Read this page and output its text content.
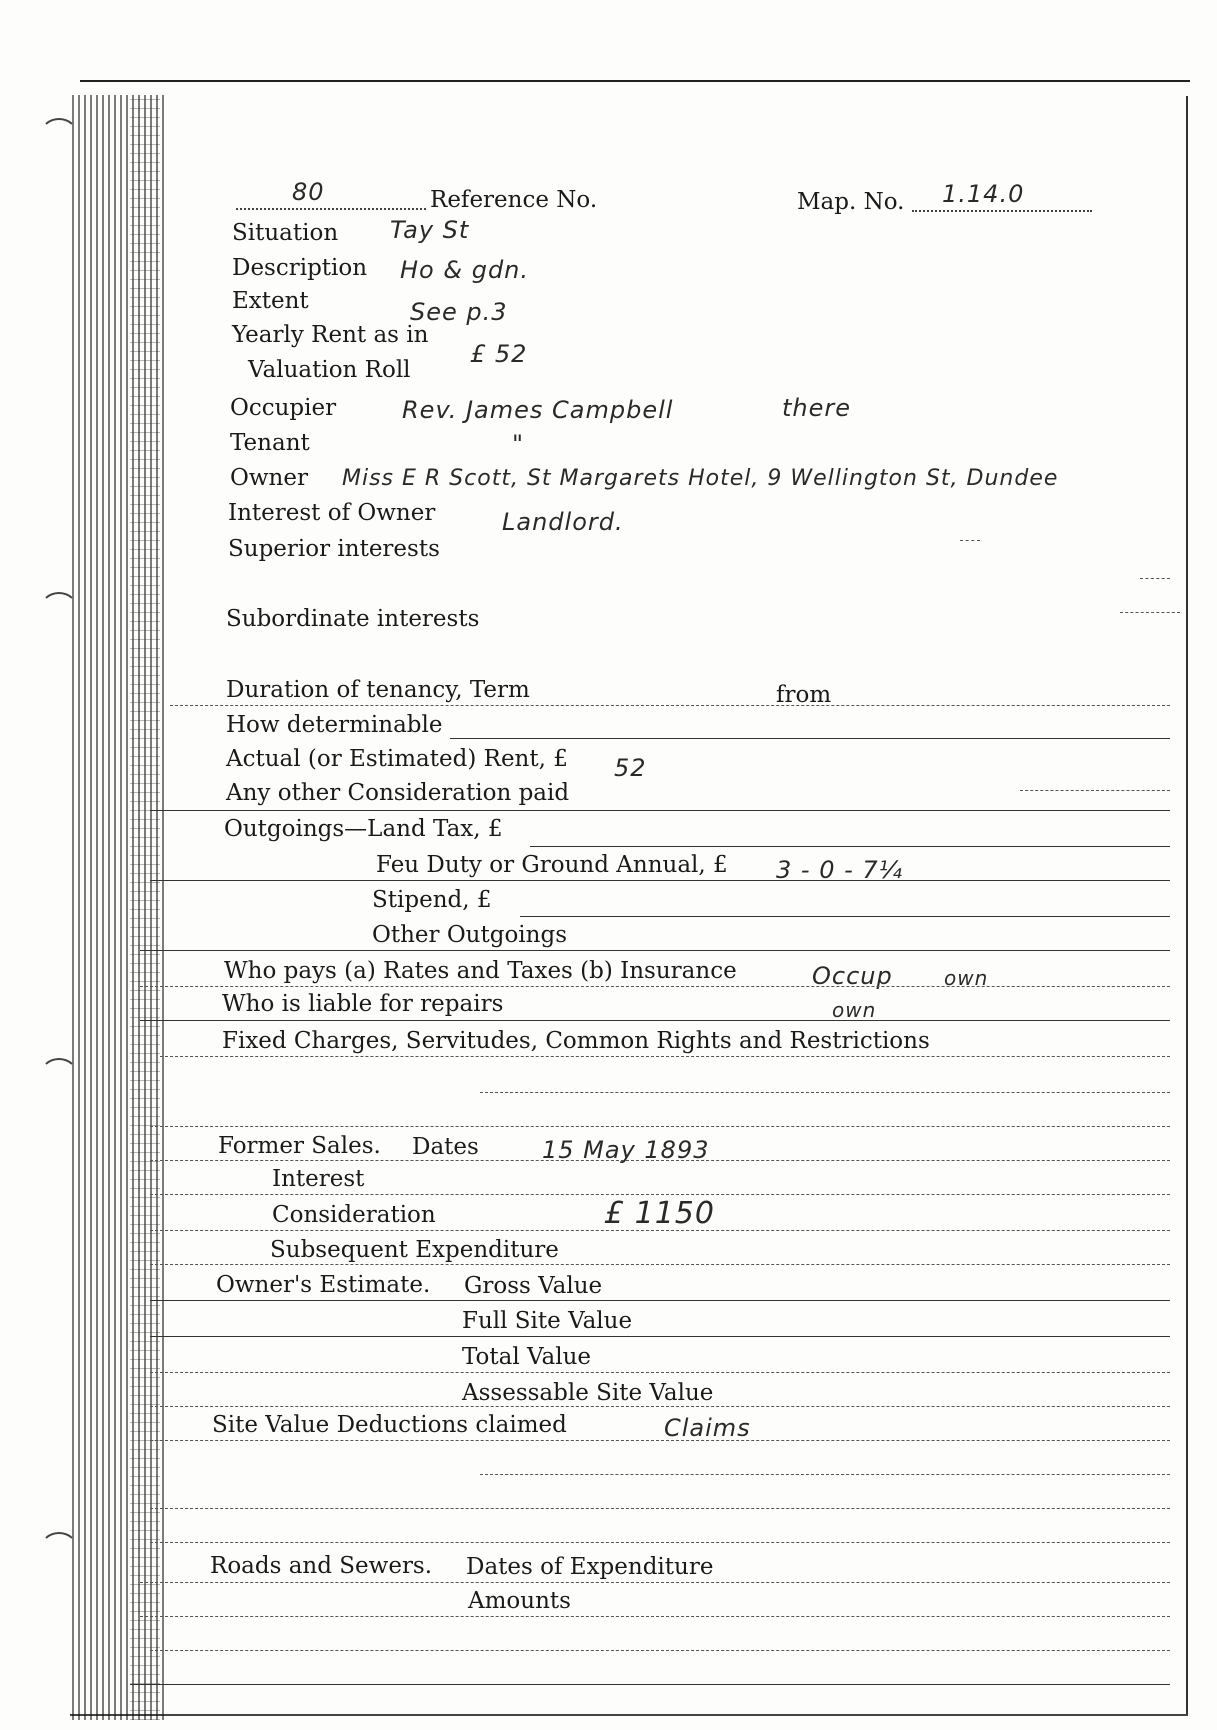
80	Reference No.	Map. No. 1.14.0
Situation Tay St
Description Ho & gdn.
Extent	See p.3
Yearly Rent as in
Valuation Roll
£ 52
Occupier	Rev. James Campbell	there
Tenant	"
Owner Miss E R Scott, St Margarets Hotel, 9 Wellington St, Dundee
Interest of Owner	Landlord.
Superior interests
Subordinate interests
Duration of tenancy, Term	from
How determinable
Actual (or Estimated) Rent, £ 52
Any other Consideration paid
Outgoings—Land Tax, £
Feu Duty or Ground Annual, £ 3 - 0 - 7¼
Stipend, £
Other Outgoings
Who pays (a) Rates and Taxes (b) Insurance	Occup	own
Who is liable for repairs	own
Fixed Charges, Servitudes, Common Rights and Restrictions
Former Sales. Dates	15 May 1893
Interest
Consideration	£ 1150
Subsequent Expenditure
Owner's Estimate. Gross Value
Full Site Value
Total Value
Assessable Site Value
Site Value Deductions claimed	Claims
Roads and Sewers. Dates of Expenditure
Amounts
